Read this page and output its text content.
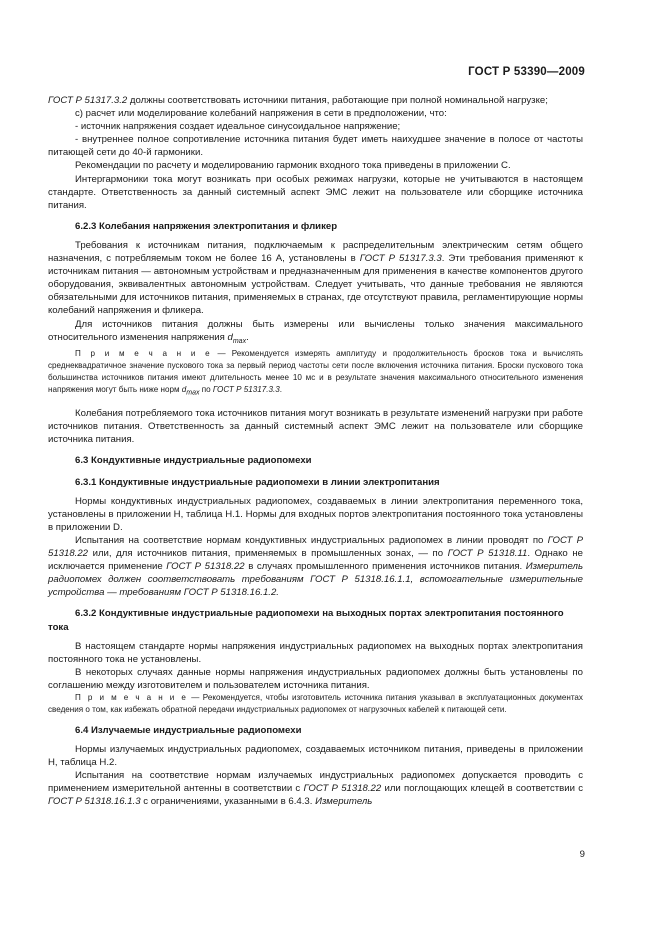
ГОСТ Р 53390—2009

ГОСТ Р 51317.3.2 должны соответствовать источники питания, работающие при полной номинальной нагрузке;

c) расчет или моделирование колебаний напряжения в сети в предположении, что:

- источник напряжения создает идеальное синусоидальное напряжение;

- внутреннее полное сопротивление источника питания будет иметь наихудшее значение в полосе от частоты питающей сети до 40-й гармоники.

Рекомендации по расчету и моделированию гармоник входного тока приведены в приложении С.

Интергармоники тока могут возникать при особых режимах нагрузки, которые не учитываются в настоящем стандарте. Ответственность за данный системный аспект ЭМС лежит на пользователе или сборщике источника питания.

6.2.3 Колебания напряжения электропитания и фликер

Требования к источникам питания, подключаемым к распределительным электрическим сетям общего назначения, с потребляемым током не более 16 А, установлены в ГОСТ Р 51317.3.3. Эти требования применяют к источникам питания — автономным устройствам и предназначенным для применения в качестве компонентов другого оборудования, эквивалентных автономным устройствам. Следует учитывать, что данные требования не являются обязательными для источников питания, применяемых в странах, где отсутствуют правила, регламентирующие нормы колебаний напряжения и фликера.

Для источников питания должны быть измерены или вычислены только значения максимального относительного изменения напряжения $d_{max}$.

П р и м е ч а н и е — Рекомендуется измерять амплитуду и продолжительность бросков тока и вычислять среднеквадратичное значение пускового тока за первый период частоты сети после включения источника питания. Броски пускового тока большинства источников питания имеют длительность менее 10 мс и в результате значения максимального относительного изменения напряжения могут быть ниже норм dmax по ГОСТ Р 51317.3.3.

Колебания потребляемого тока источников питания могут возникать в результате изменений нагрузки при работе источников питания. Ответственность за данный системный аспект ЭМС лежит на пользователе или сборщике источника питания.

6.3 Кондуктивные индустриальные радиопомехи

6.3.1 Кондуктивные индустриальные радиопомехи в линии электропитания

Нормы кондуктивных индустриальных радиопомех, создаваемых в линии электропитания переменного тока, установлены в приложении Н, таблица Н.1. Нормы для входных портов электропитания постоянного тока установлены в приложении D.

Испытания на соответствие нормам кондуктивных индустриальных радиопомех в линии проводят по ГОСТ Р 51318.22 или, для источников питания, применяемых в промышленных зонах, — по ГОСТ Р 51318.11. Однако не исключается применение ГОСТ Р 51318.22 в случаях промышленного применения источников питания. Измеритель радиопомех должен соответствовать требованиям ГОСТ Р 51318.16.1.1, вспомогательные измерительные устройства — требованиям ГОСТ Р 51318.16.1.2.

6.3.2 Кондуктивные индустриальные радиопомехи на выходных портах электропитания постоянного тока

В настоящем стандарте нормы напряжения индустриальных радиопомех на выходных портах электропитания постоянного тока не установлены.

В некоторых случаях данные нормы напряжения индустриальных радиопомех должны быть установлены по соглашению между изготовителем и пользователем источника питания.

П р и м е ч а н и е — Рекомендуется, чтобы изготовитель источника питания указывал в эксплуатационных документах сведения о том, как избежать обратной передачи индустриальных радиопомех от нагрузочных кабелей к питающей сети.

6.4 Излучаемые индустриальные радиопомехи

Нормы излучаемых индустриальных радиопомех, создаваемых источником питания, приведены в приложении Н, таблица Н.2.

Испытания на соответствие нормам излучаемых индустриальных радиопомех допускается проводить с применением измерительной антенны в соответствии с ГОСТ Р 51318.22 или поглощающих клещей в соответствии с ГОСТ Р 51318.16.1.3 с ограничениями, указанными в 6.4.3. Измеритель

9
